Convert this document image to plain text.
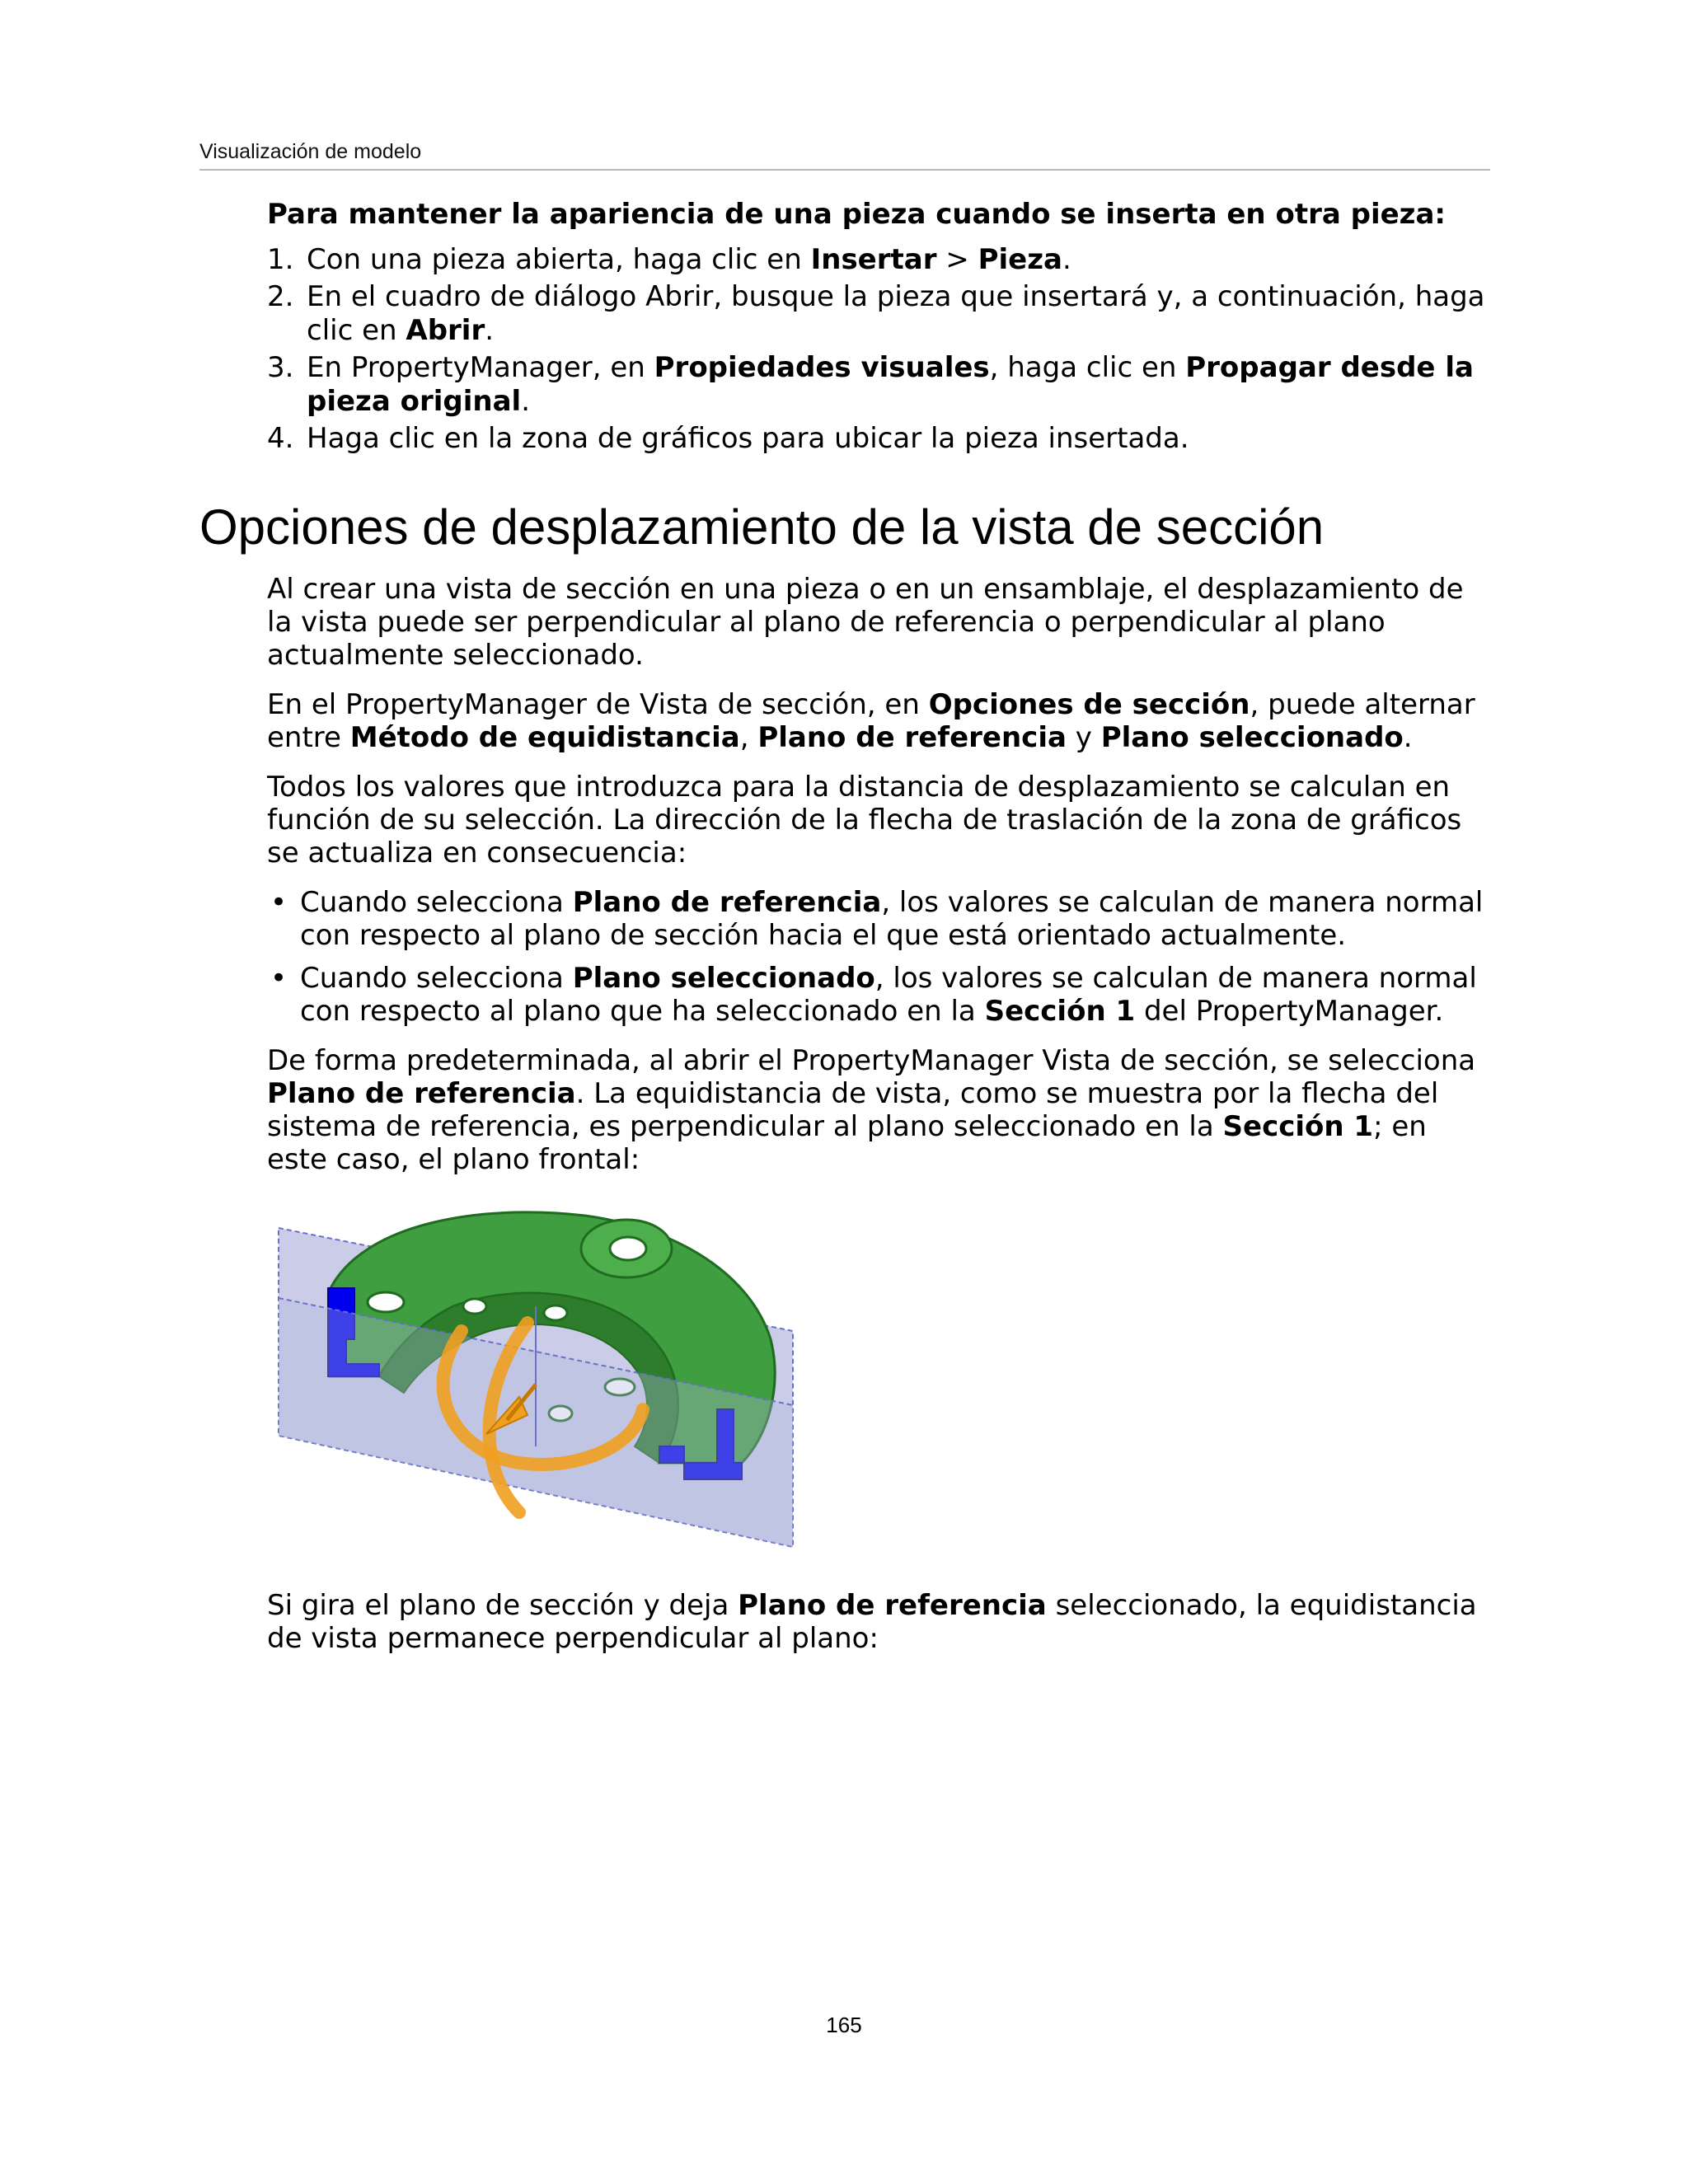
Visualización de modelo

Para mantener la apariencia de una pieza cuando se inserta en otra pieza:

1. Con una pieza abierta, haga clic en Insertar > Pieza.
2. En el cuadro de diálogo Abrir, busque la pieza que insertará y, a continuación, haga clic en Abrir.
3. En PropertyManager, en Propiedades visuales, haga clic en Propagar desde la pieza original.
4. Haga clic en la zona de gráficos para ubicar la pieza insertada.
Opciones de desplazamiento de la vista de sección

Al crear una vista de sección en una pieza o en un ensamblaje, el desplazamiento de la vista puede ser perpendicular al plano de referencia o perpendicular al plano actualmente seleccionado.

En el PropertyManager de Vista de sección, en Opciones de sección, puede alternar entre Método de equidistancia, Plano de referencia y Plano seleccionado.

Todos los valores que introduzca para la distancia de desplazamiento se calculan en función de su selección. La dirección de la flecha de traslación de la zona de gráficos se actualiza en consecuencia:

• Cuando selecciona Plano de referencia, los valores se calculan de manera normal con respecto al plano de sección hacia el que está orientado actualmente.
• Cuando selecciona Plano seleccionado, los valores se calculan de manera normal con respecto al plano que ha seleccionado en la Sección 1 del PropertyManager.

De forma predeterminada, al abrir el PropertyManager Vista de sección, se selecciona Plano de referencia. La equidistancia de vista, como se muestra por la flecha del sistema de referencia, es perpendicular al plano seleccionado en la Sección 1; en este caso, el plano frontal:

Si gira el plano de sección y deja Plano de referencia seleccionado, la equidistancia de vista permanece perpendicular al plano:

165
